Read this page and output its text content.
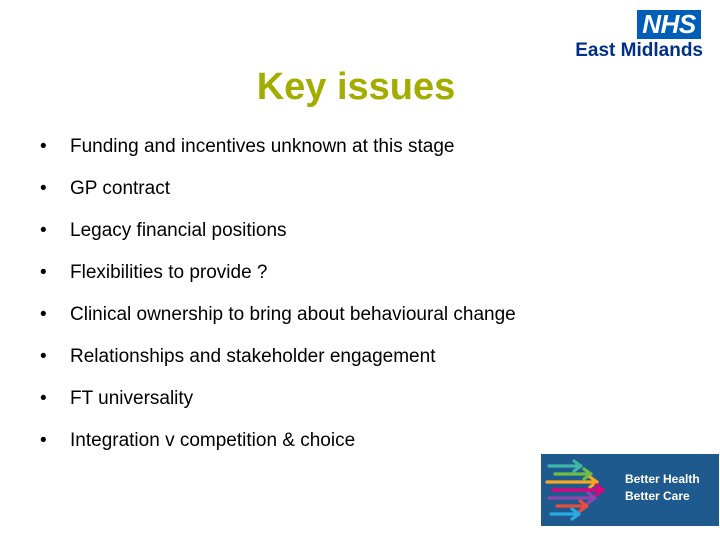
NHS
East Midlands
Key issues
•	Funding and incentives unknown at this stage
•	GP contract
•	Legacy financial positions
•	Flexibilities to provide ?
•	Clinical ownership to bring about behavioural change
•	Relationships and stakeholder engagement
•	FT universality
•	Integration v competition & choice
Better Health
Better Care
